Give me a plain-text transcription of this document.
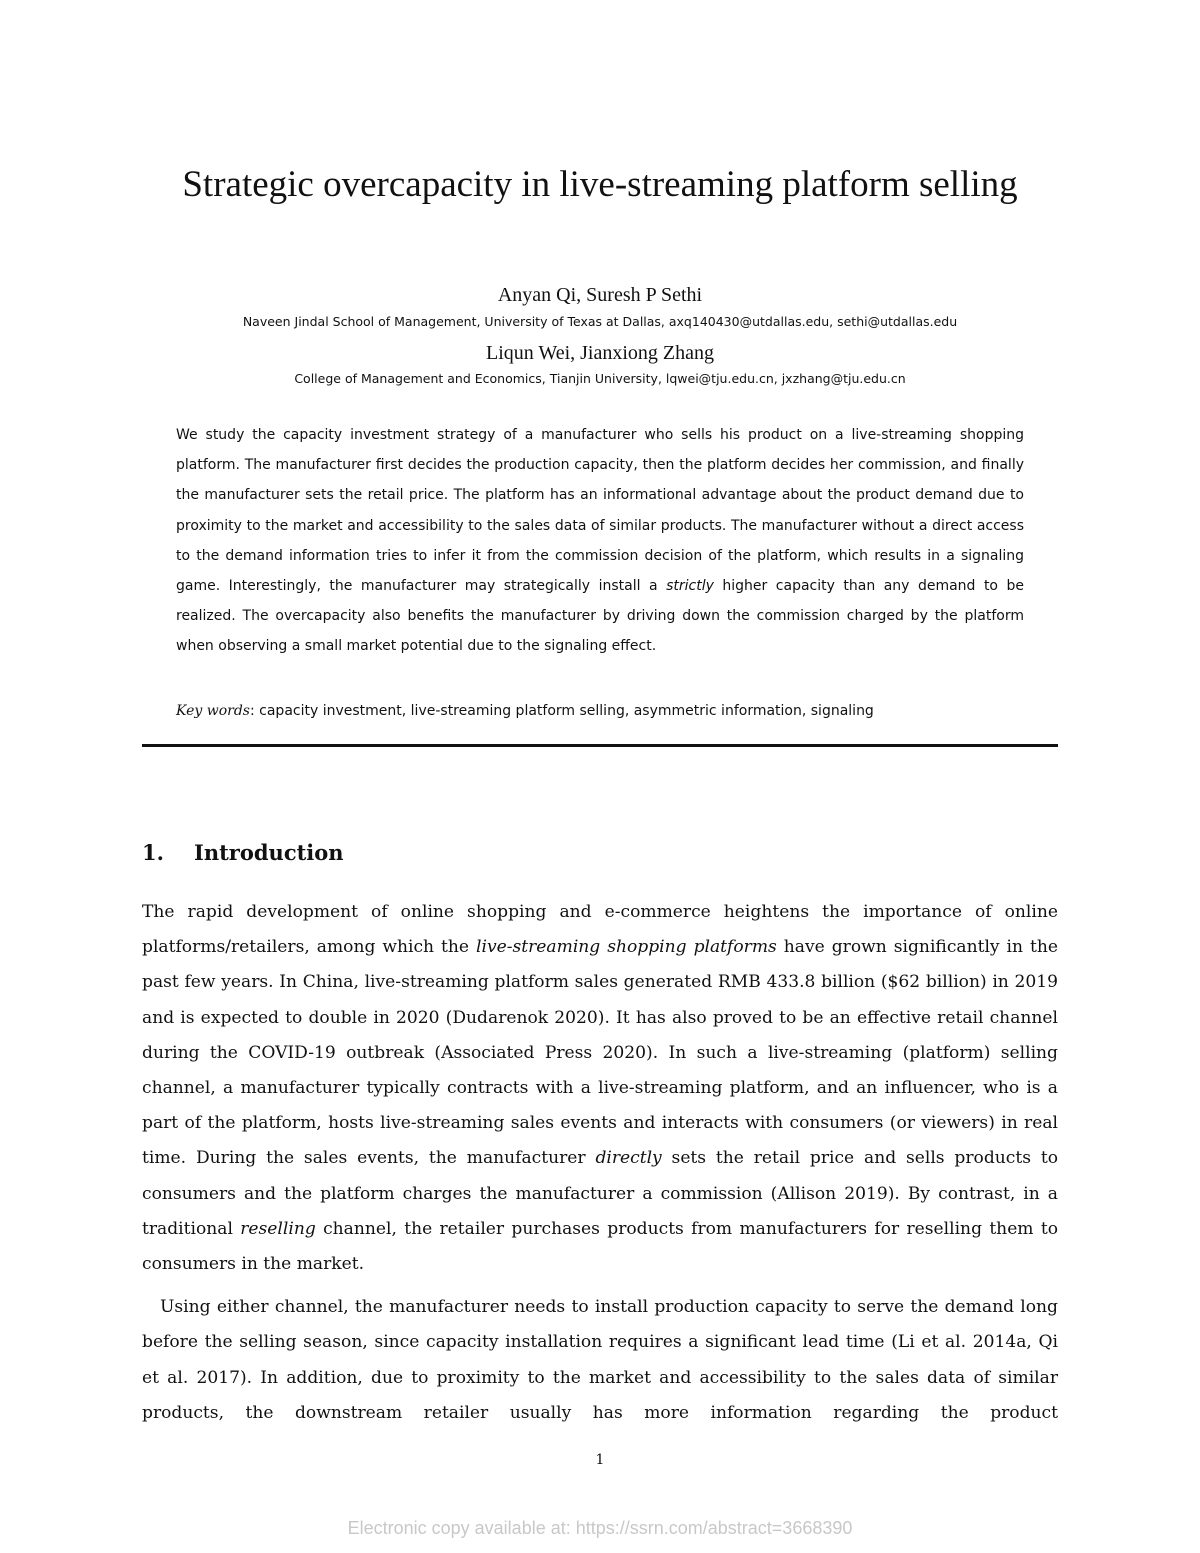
Strategic overcapacity in live-streaming platform selling
Anyan Qi, Suresh P Sethi
Naveen Jindal School of Management, University of Texas at Dallas, axq140430@utdallas.edu, sethi@utdallas.edu
Liqun Wei, Jianxiong Zhang
College of Management and Economics, Tianjin University, lqwei@tju.edu.cn, jxzhang@tju.edu.cn

We study the capacity investment strategy of a manufacturer who sells his product on a live-streaming shopping platform. The manufacturer first decides the production capacity, then the platform decides her commission, and finally the manufacturer sets the retail price. The platform has an informational advantage about the product demand due to proximity to the market and accessibility to the sales data of similar products. The manufacturer without a direct access to the demand information tries to infer it from the commission decision of the platform, which results in a signaling game. Interestingly, the manufacturer may strategically install a strictly higher capacity than any demand to be realized. The overcapacity also benefits the manufacturer by driving down the commission charged by the platform when observing a small market potential due to the signaling effect.

Key words: capacity investment, live-streaming platform selling, asymmetric information, signaling
1. Introduction

The rapid development of online shopping and e-commerce heightens the importance of online platforms/retailers, among which the live-streaming shopping platforms have grown significantly in the past few years. In China, live-streaming platform sales generated RMB 433.8 billion ($62 billion) in 2019 and is expected to double in 2020 (Dudarenok 2020). It has also proved to be an effective retail channel during the COVID-19 outbreak (Associated Press 2020). In such a live-streaming (platform) selling channel, a manufacturer typically contracts with a live-streaming platform, and an influencer, who is a part of the platform, hosts live-streaming sales events and interacts with consumers (or viewers) in real time. During the sales events, the manufacturer directly sets the retail price and sells products to consumers and the platform charges the manufacturer a commission (Allison 2019). By contrast, in a traditional reselling channel, the retailer purchases products from manufacturers for reselling them to consumers in the market.

Using either channel, the manufacturer needs to install production capacity to serve the demand long before the selling season, since capacity installation requires a significant lead time (Li et al. 2014a, Qi et al. 2017). In addition, due to proximity to the market and accessibility to the sales data of similar products, the downstream retailer usually has more information regarding the product

1
Electronic copy available at: https://ssrn.com/abstract=3668390
